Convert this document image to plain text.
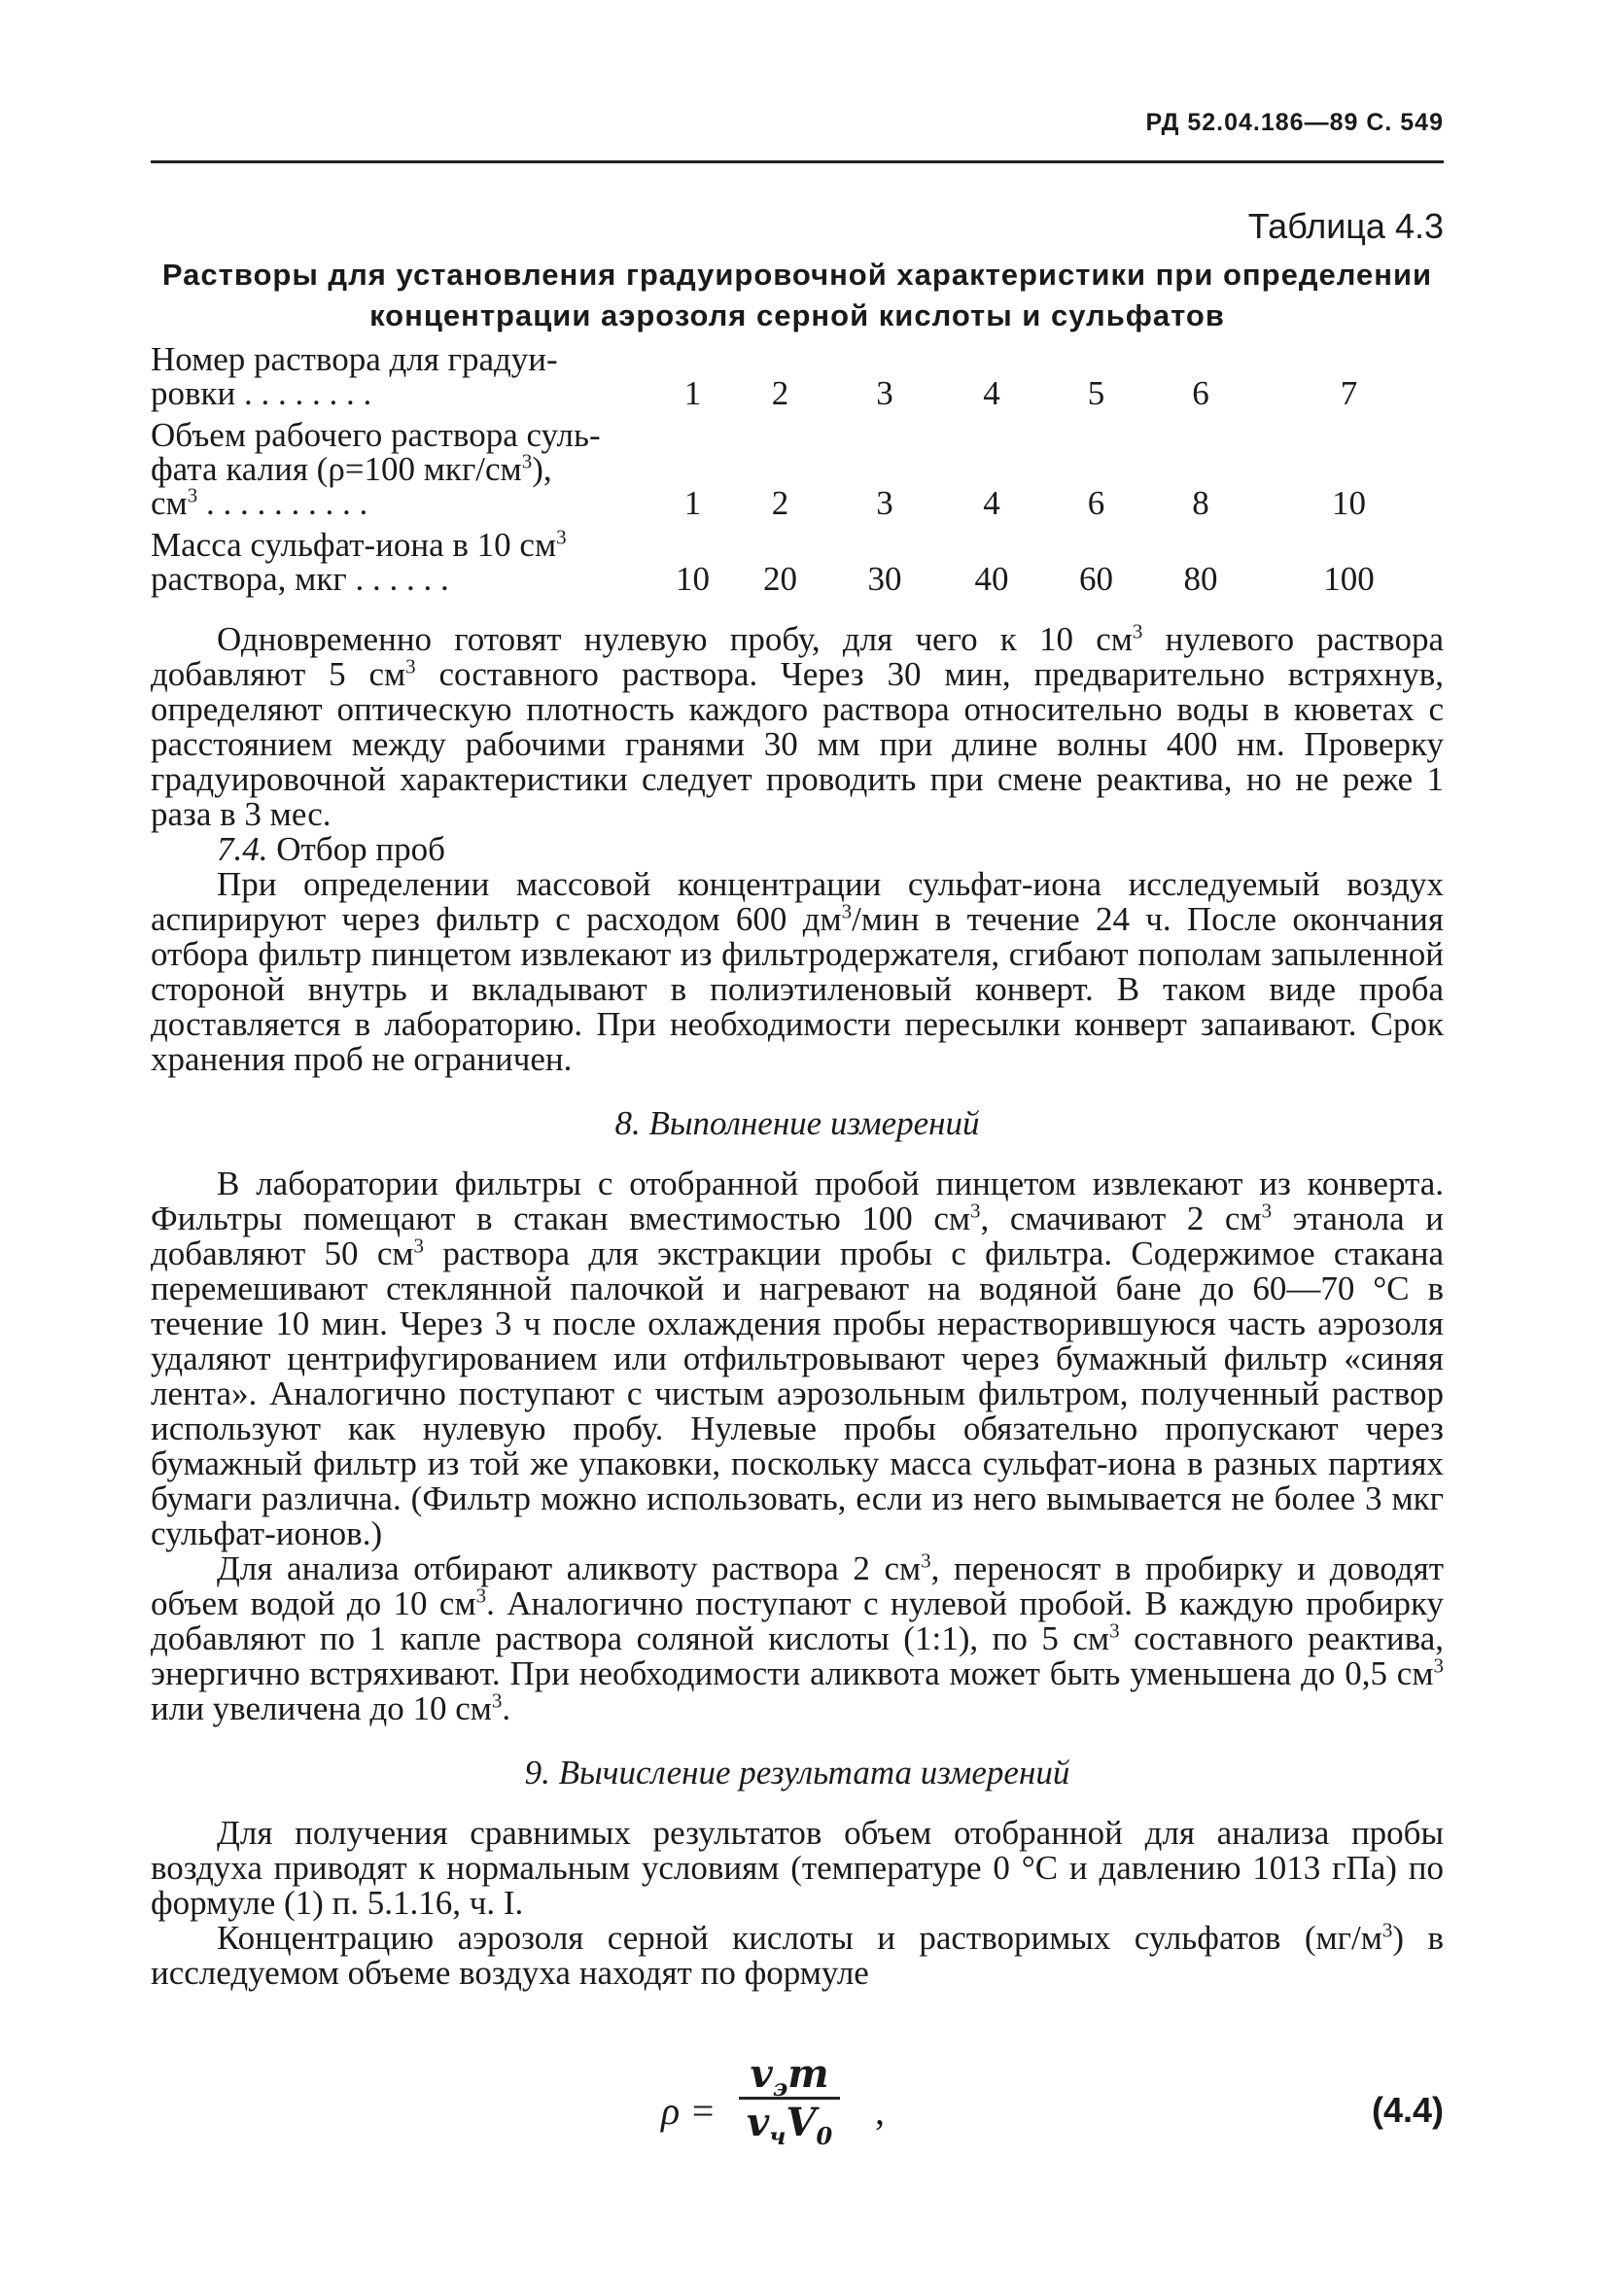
РД 52.04.186—89 С. 549
Таблица 4.3
Растворы для установления градуировочной характеристики при определении
концентрации аэрозоля серной кислоты и сульфатов
Номер раствора для градуи-
ровки . . . . . . . .	1	2	3	4	5	6	7
Объем рабочего раствора суль-
фата калия (ρ=100 мкг/$см^3$),
$см^3$ . . . . . . . . . .	1	2	3	4	6	8	10
Масса сульфат-иона в 10 $см^3$
раствора, мкг . . . . . .	10	20	30	40	60	80	100

Одновременно готовят нулевую пробу, для чего к 10 $см^3$ нулевого раствора добавляют 5 $см^3$ составного раствора. Через 30 мин, предварительно встряхнув, определяют оптическую плотность каждого раствора относительно воды в кюветах с расстоянием между рабочими гранями 30 мм при длине волны 400 нм. Проверку градуировочной характеристики следует проводить при смене реактива, но не реже 1 раза в 3 мес.

7.4. Отбор проб

При определении массовой концентрации сульфат-иона исследуемый воздух аспирируют через фильтр с расходом 600 $дм^3$/мин в течение 24 ч. После окончания отбора фильтр пинцетом извлекают из фильтродержателя, сгибают пополам запыленной стороной внутрь и вкладывают в полиэтиленовый конверт. В таком виде проба доставляется в лабораторию. При необходимости пересылки конверт запаивают. Срок хранения проб не ограничен.

8. Выполнение измерений

В лаборатории фильтры с отобранной пробой пинцетом извлекают из конверта. Фильтры помещают в стакан вместимостью 100 $см^3$, смачивают 2 $см^3$ этанола и добавляют 50 $см^3$ раствора для экстракции пробы с фильтра. Содержимое стакана перемешивают стеклянной палочкой и нагревают на водяной бане до 60—70 °С в течение 10 мин. Через 3 ч после охлаждения пробы нерастворившуюся часть аэрозоля удаляют центрифугированием или отфильтровывают через бумажный фильтр «синяя лента». Аналогично поступают с чистым аэрозольным фильтром, полученный раствор используют как нулевую пробу. Нулевые пробы обязательно пропускают через бумажный фильтр из той же упаковки, поскольку масса сульфат-иона в разных партиях бумаги различна. (Фильтр можно использовать, если из него вымывается не более 3 мкг сульфат-ионов.)

Для анализа отбирают аликвоту раствора 2 $см^3$, переносят в пробирку и доводят объем водой до 10 $см^3$. Аналогично поступают с нулевой пробой. В каждую пробирку добавляют по 1 капле раствора соляной кислоты (1:1), по 5 $см^3$ составного реактива, энергично встряхивают. При необходимости аликвота может быть уменьшена до 0,5 $см^3$ или увеличена до 10 $см^3$.

9. Вычисление результата измерений

Для получения сравнимых результатов объем отобранной для анализа пробы воздуха приводят к нормальным условиям (температуре 0 °С и давлению 1013 гПа) по формуле (1) п. 5.1.16, ч. I.

Концентрацию аэрозоля серной кислоты и растворимых сульфатов $(мг/м^3)$ в исследуемом объеме воздуха находят по формуле

ρ =
$v_эm$
$v_чV_0$
,	(4.4)
